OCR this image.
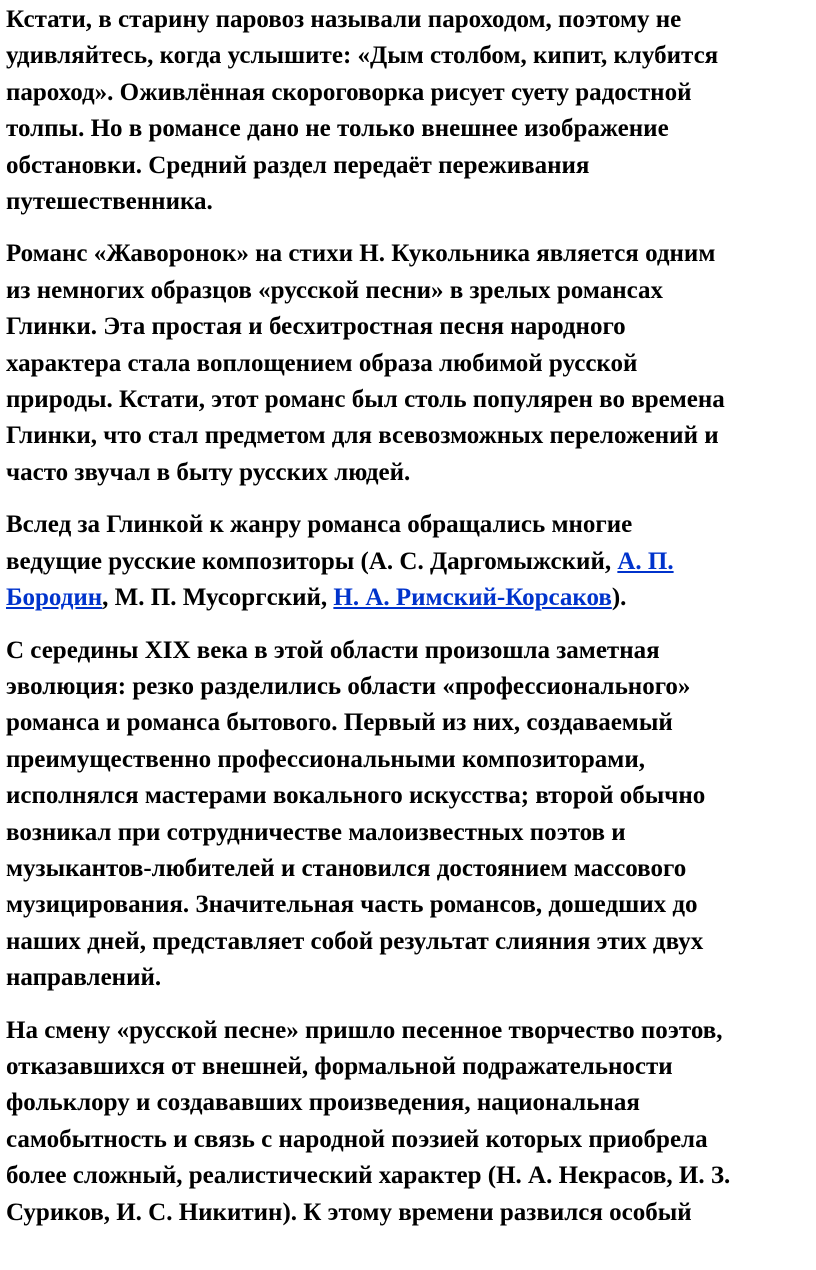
Кстати, в старину паровоз называли пароходом, поэтому не
удивляйтесь, когда услышите: «Дым столбом, кипит, клубится
пароход». Оживлённая скороговорка рисует суету радостной
толпы. Но в романсе дано не только внешнее изображение
обстановки. Средний раздел передаёт переживания
путешественника.

Романс «Жаворонок» на стихи Н. Кукольника является одним
из немногих образцов «русской песни» в зрелых романсах
Глинки. Эта простая и бесхитростная песня народного
характера стала воплощением образа любимой русской
природы. Кстати, этот романс был столь популярен во времена
Глинки, что стал предметом для всевозможных переложений и
часто звучал в быту русских людей.

Вслед за Глинкой к жанру романса обращались многие
ведущие русские композиторы (А. С. Даргомыжский, А. П.
Бородин, М. П. Мусоргский, Н. А. Римский-Корсаков).

С середины XIX века в этой области произошла заметная
эволюция: резко разделились области «профессионального»
романса и романса бытового. Первый из них, создаваемый
преимущественно профессиональными композиторами,
исполнялся мастерами вокального искусства; второй обычно
возникал при сотрудничестве малоизвестных поэтов и
музыкантов-любителей и становился достоянием массового
музицирования. Значительная часть романсов, дошедших до
наших дней, представляет собой результат слияния этих двух
направлений.

На смену «русской песне» пришло песенное творчество поэтов,
отказавшихся от внешней, формальной подражательности
фольклору и создававших произведения, национальная
самобытность и связь с народной поэзией которых приобрела
более сложный, реалистический характер (Н. А. Некрасов, И. З.
Суриков, И. С. Никитин). К этому времени развился особый
